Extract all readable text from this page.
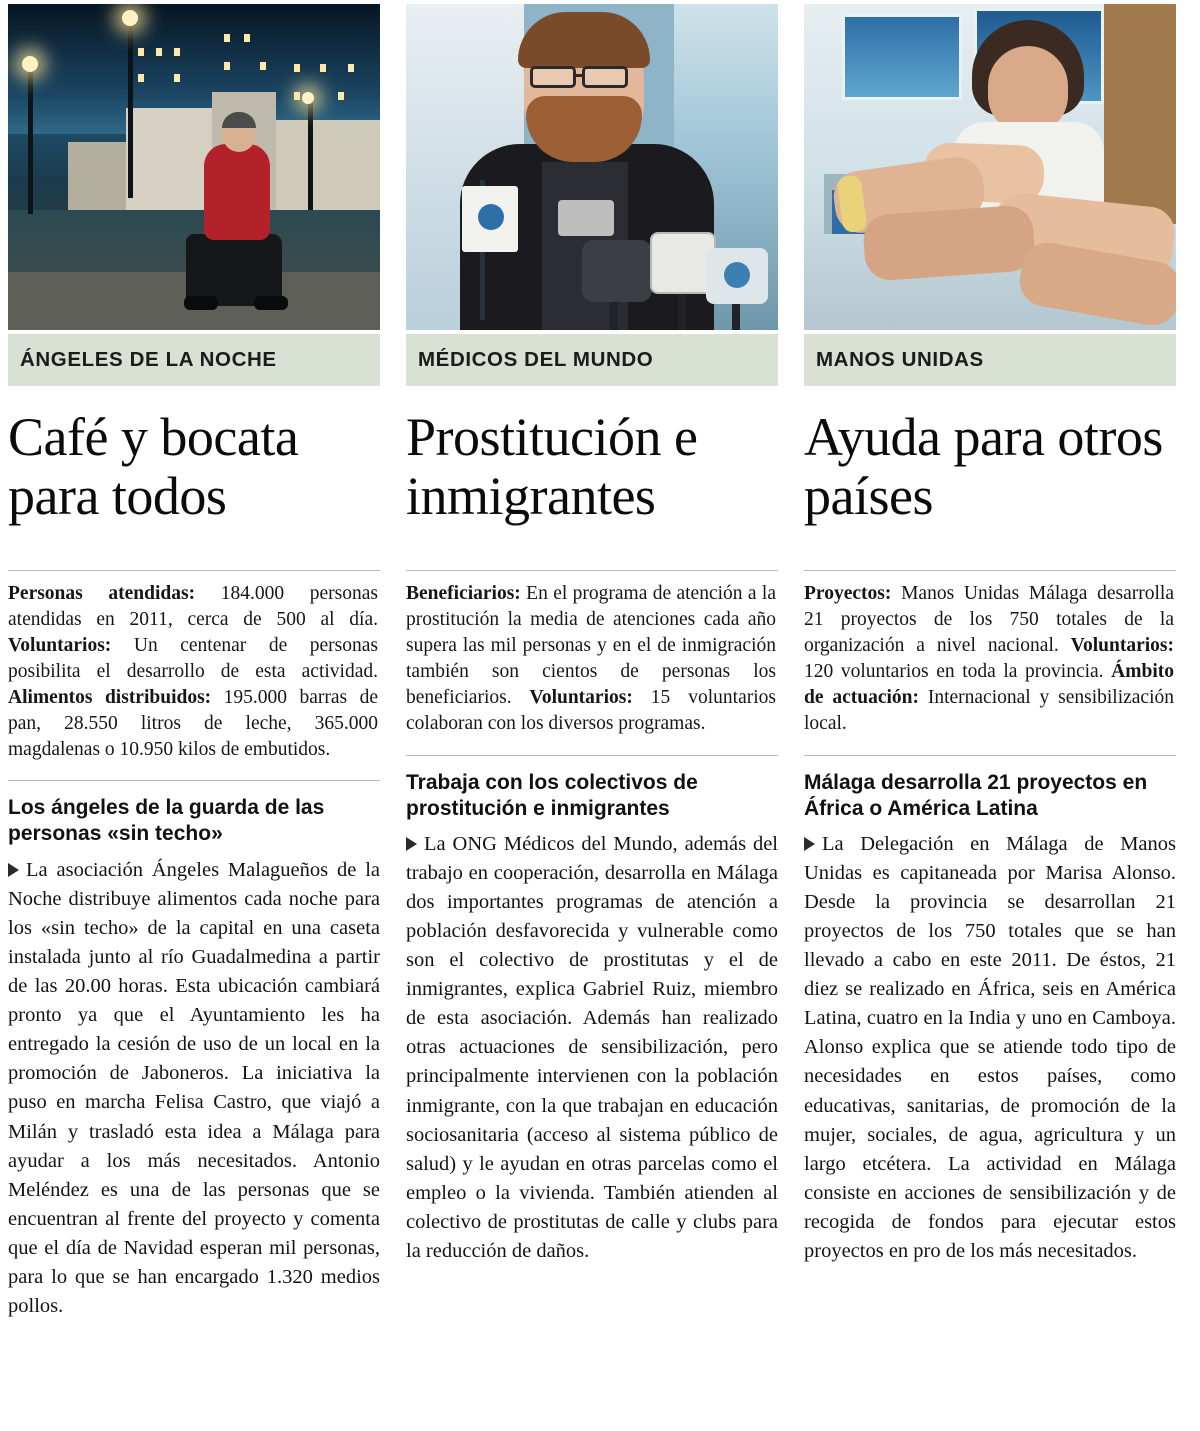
ÁNGELES DE LA NOCHE
Café y bocata para todos
Personas atendidas: 184.000 personas atendidas en 2011, cerca de 500 al día. Voluntarios: Un centenar de personas posibilita el desarrollo de esta actividad. Alimentos distribuidos: 195.000 barras de pan, 28.550 litros de leche, 365.000 magdalenas o 10.950 kilos de embutidos.
Los ángeles de la guarda de las personas «sin techo»
La asociación Ángeles Malagueños de la Noche distribuye alimentos cada noche para los «sin techo» de la capital en una caseta instalada junto al río Guadalmedina a partir de las 20.00 horas. Esta ubicación cambiará pronto ya que el Ayuntamiento les ha entregado la cesión de uso de un local en la promoción de Jaboneros. La iniciativa la puso en marcha Felisa Castro, que viajó a Milán y trasladó esta idea a Málaga para ayudar a los más necesitados. Antonio Meléndez es una de las personas que se encuentran al frente del proyecto y comenta que el día de Navidad esperan mil personas, para lo que se han encargado 1.320 medios pollos.
MÉDICOS DEL MUNDO
Prostitución e inmigrantes
Beneficiarios: En el programa de atención a la prostitución la media de atenciones cada año supera las mil personas y en el de inmigración también son cientos de personas los beneficiarios. Voluntarios: 15 voluntarios colaboran con los diversos programas.
Trabaja con los colectivos de prostitución e inmigrantes
La ONG Médicos del Mundo, además del trabajo en cooperación, desarrolla en Málaga dos importantes programas de atención a población desfavorecida y vulnerable como son el colectivo de prostitutas y el de inmigrantes, explica Gabriel Ruiz, miembro de esta asociación. Además han realizado otras actuaciones de sensibilización, pero principalmente intervienen con la población inmigrante, con la que trabajan en educación sociosanitaria (acceso al sistema público de salud) y le ayudan en otras parcelas como el empleo o la vivienda. También atienden al colectivo de prostitutas de calle y clubs para la reducción de daños.
MANOS UNIDAS
Ayuda para otros países
Proyectos: Manos Unidas Málaga desarrolla 21 proyectos de los 750 totales de la organización a nivel nacional. Voluntarios: 120 voluntarios en toda la provincia. Ámbito de actuación: Internacional y sensibilización local.
Málaga desarrolla 21 proyectos en África o América Latina
La Delegación en Málaga de Manos Unidas es capitaneada por Marisa Alonso. Desde la provincia se desarrollan 21 proyectos de los 750 totales que se han llevado a cabo en este 2011. De éstos, 21 diez se realizado en África, seis en América Latina, cuatro en la India y uno en Camboya. Alonso explica que se atiende todo tipo de necesidades en estos países, como educativas, sanitarias, de promoción de la mujer, sociales, de agua, agricultura y un largo etcétera. La actividad en Málaga consiste en acciones de sensibilización y de recogida de fondos para ejecutar estos proyectos en pro de los más necesitados.
